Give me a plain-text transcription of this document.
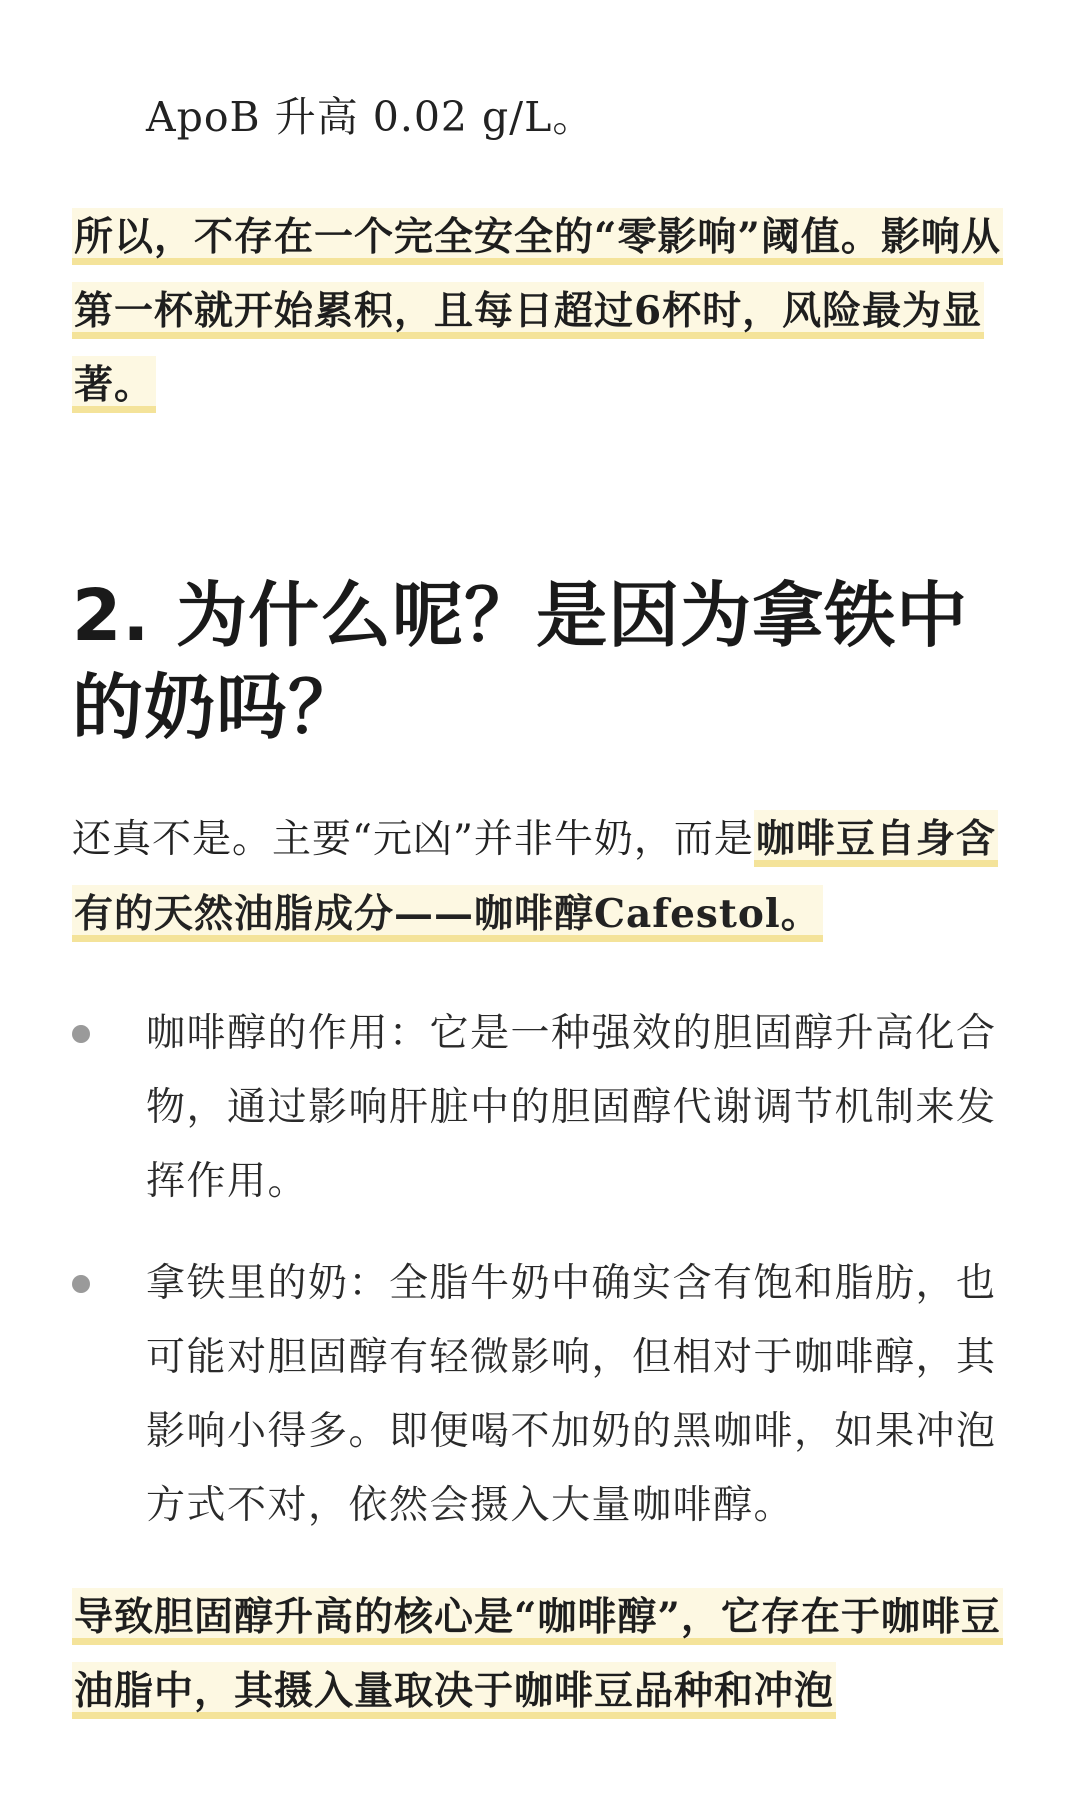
ApoB 升高 0.02 g/L。
所以，不存在一个完全安全的“零影响”阈值。影响从第一杯就开始累积，且每日超过6杯时，风险最为显著。
2. 为什么呢？是因为拿铁中的奶吗？
还真不是。主要“元凶”并非牛奶，而是咖啡豆自身含有的天然油脂成分——咖啡醇Cafestol。
咖啡醇的作用：它是一种强效的胆固醇升高化合物，通过影响肝脏中的胆固醇代谢调节机制来发挥作用。
拿铁里的奶：全脂牛奶中确实含有饱和脂肪，也可能对胆固醇有轻微影响，但相对于咖啡醇，其影响小得多。即便喝不加奶的黑咖啡，如果冲泡方式不对，依然会摄入大量咖啡醇。
导致胆固醇升高的核心是“咖啡醇”，它存在于咖啡豆油脂中，其摄入量取决于咖啡豆品种和冲泡
